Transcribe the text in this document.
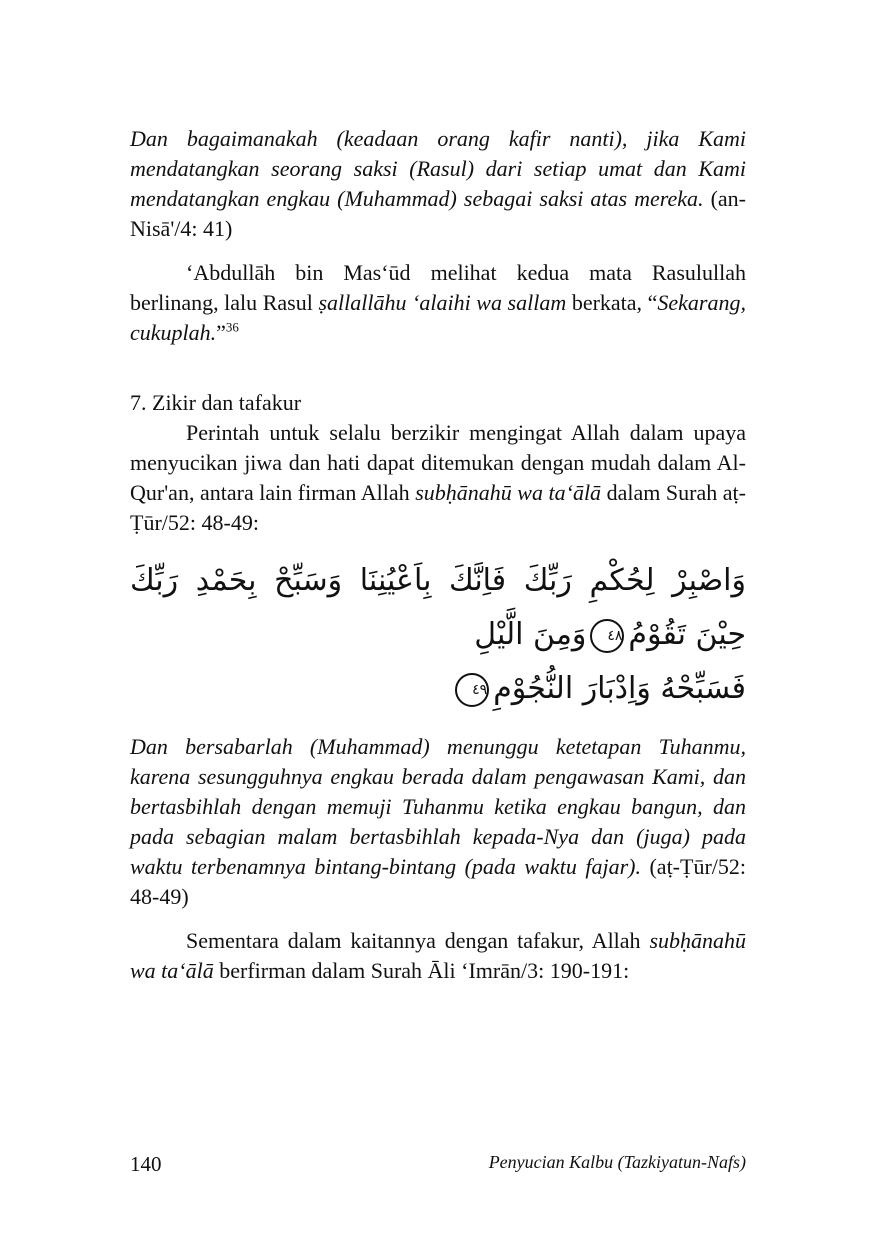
Dan bagaimanakah (keadaan orang kafir nanti), jika Kami mendatangkan seorang saksi (Rasul) dari setiap umat dan Kami mendatangkan engkau (Muhammad) sebagai saksi atas mereka. (an-Nisā'/4: 41)

‘Abdullāh bin Mas‘ūd melihat kedua mata Rasulullah berlinang, lalu Rasul ṣallallāhu ‘alaihi wa sallam berkata, “Sekarang, cukuplah.”$^{36}$

7. Zikir dan tafakur

Perintah untuk selalu berzikir mengingat Allah dalam upaya menyucikan jiwa dan hati dapat ditemukan dengan mudah dalam Al-Qur'an, antara lain firman Allah subḥānahū wa ta‘ālā dalam Surah aṭ-Ṭūr/52: 48-49:

وَاصْبِرْ لِحُكْمِ رَبِّكَ فَاِنَّكَ بِاَعْيُنِنَا وَسَبِّحْ بِحَمْدِ رَبِّكَ حِيْنَ تَقُوْمُ٤٨وَمِنَ الَّيْلِ

فَسَبِّحْهُ وَاِدْبَارَ النُّجُوْمِ٤٩

Dan bersabarlah (Muhammad) menunggu ketetapan Tuhanmu, karena sesungguhnya engkau berada dalam pengawasan Kami, dan bertasbihlah dengan memuji Tuhanmu ketika engkau bangun, dan pada sebagian malam bertasbihlah kepada-Nya dan (juga) pada waktu terbenamnya bintang-bintang (pada waktu fajar). (aṭ-Ṭūr/52: 48-49)

Sementara dalam kaitannya dengan tafakur, Allah subḥānahū wa ta‘ālā berfirman dalam Surah Āli ‘Imrān/3: 190-191:

140	Penyucian Kalbu (Tazkiyatun-Nafs)
